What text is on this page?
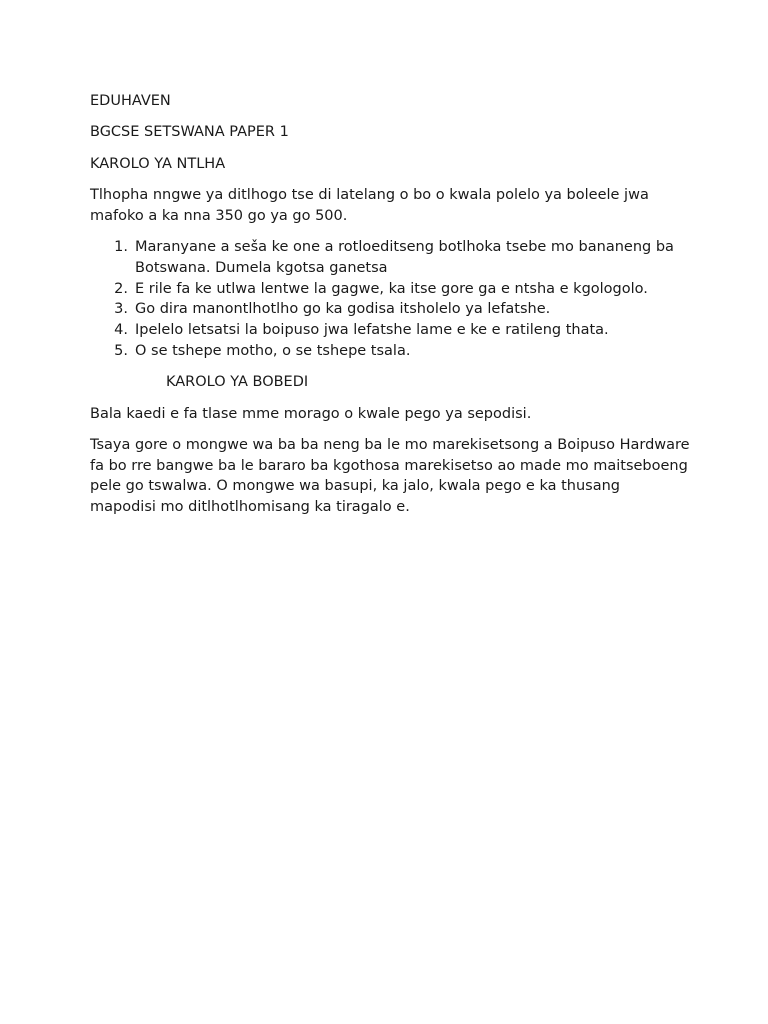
EDUHAVEN

BGCSE SETSWANA PAPER 1

KAROLO YA NTLHA

Tlhopha nngwe ya ditlhogo tse di latelang o bo o kwala polelo ya boleele jwa mafoko a ka nna 350 go ya go 500.

1. Maranyane a seša ke one a rotloeditseng botlhoka tsebe mo bananeng ba Botswana. Dumela kgotsa ganetsa
2. E rile fa ke utlwa lentwe la gagwe, ka itse gore ga e ntsha e kgologolo.
3. Go dira manontlhotlho go ka godisa itsholelo ya lefatshe.
4. Ipelelo letsatsi la boipuso jwa lefatshe lame e ke e ratileng thata.
5. O se tshepe motho, o se tshepe tsala.

KAROLO YA BOBEDI

Bala kaedi e fa tlase mme morago o kwale pego ya sepodisi.

Tsaya gore o mongwe wa ba ba neng ba le mo marekisetsong a Boipuso Hardware fa bo rre bangwe ba le bararo ba kgothosa marekisetso ao made mo maitseboeng pele go tswalwa. O mongwe wa basupi, ka jalo, kwala pego e ka thusang mapodisi mo ditlhotlhomisang ka tiragalo e.
